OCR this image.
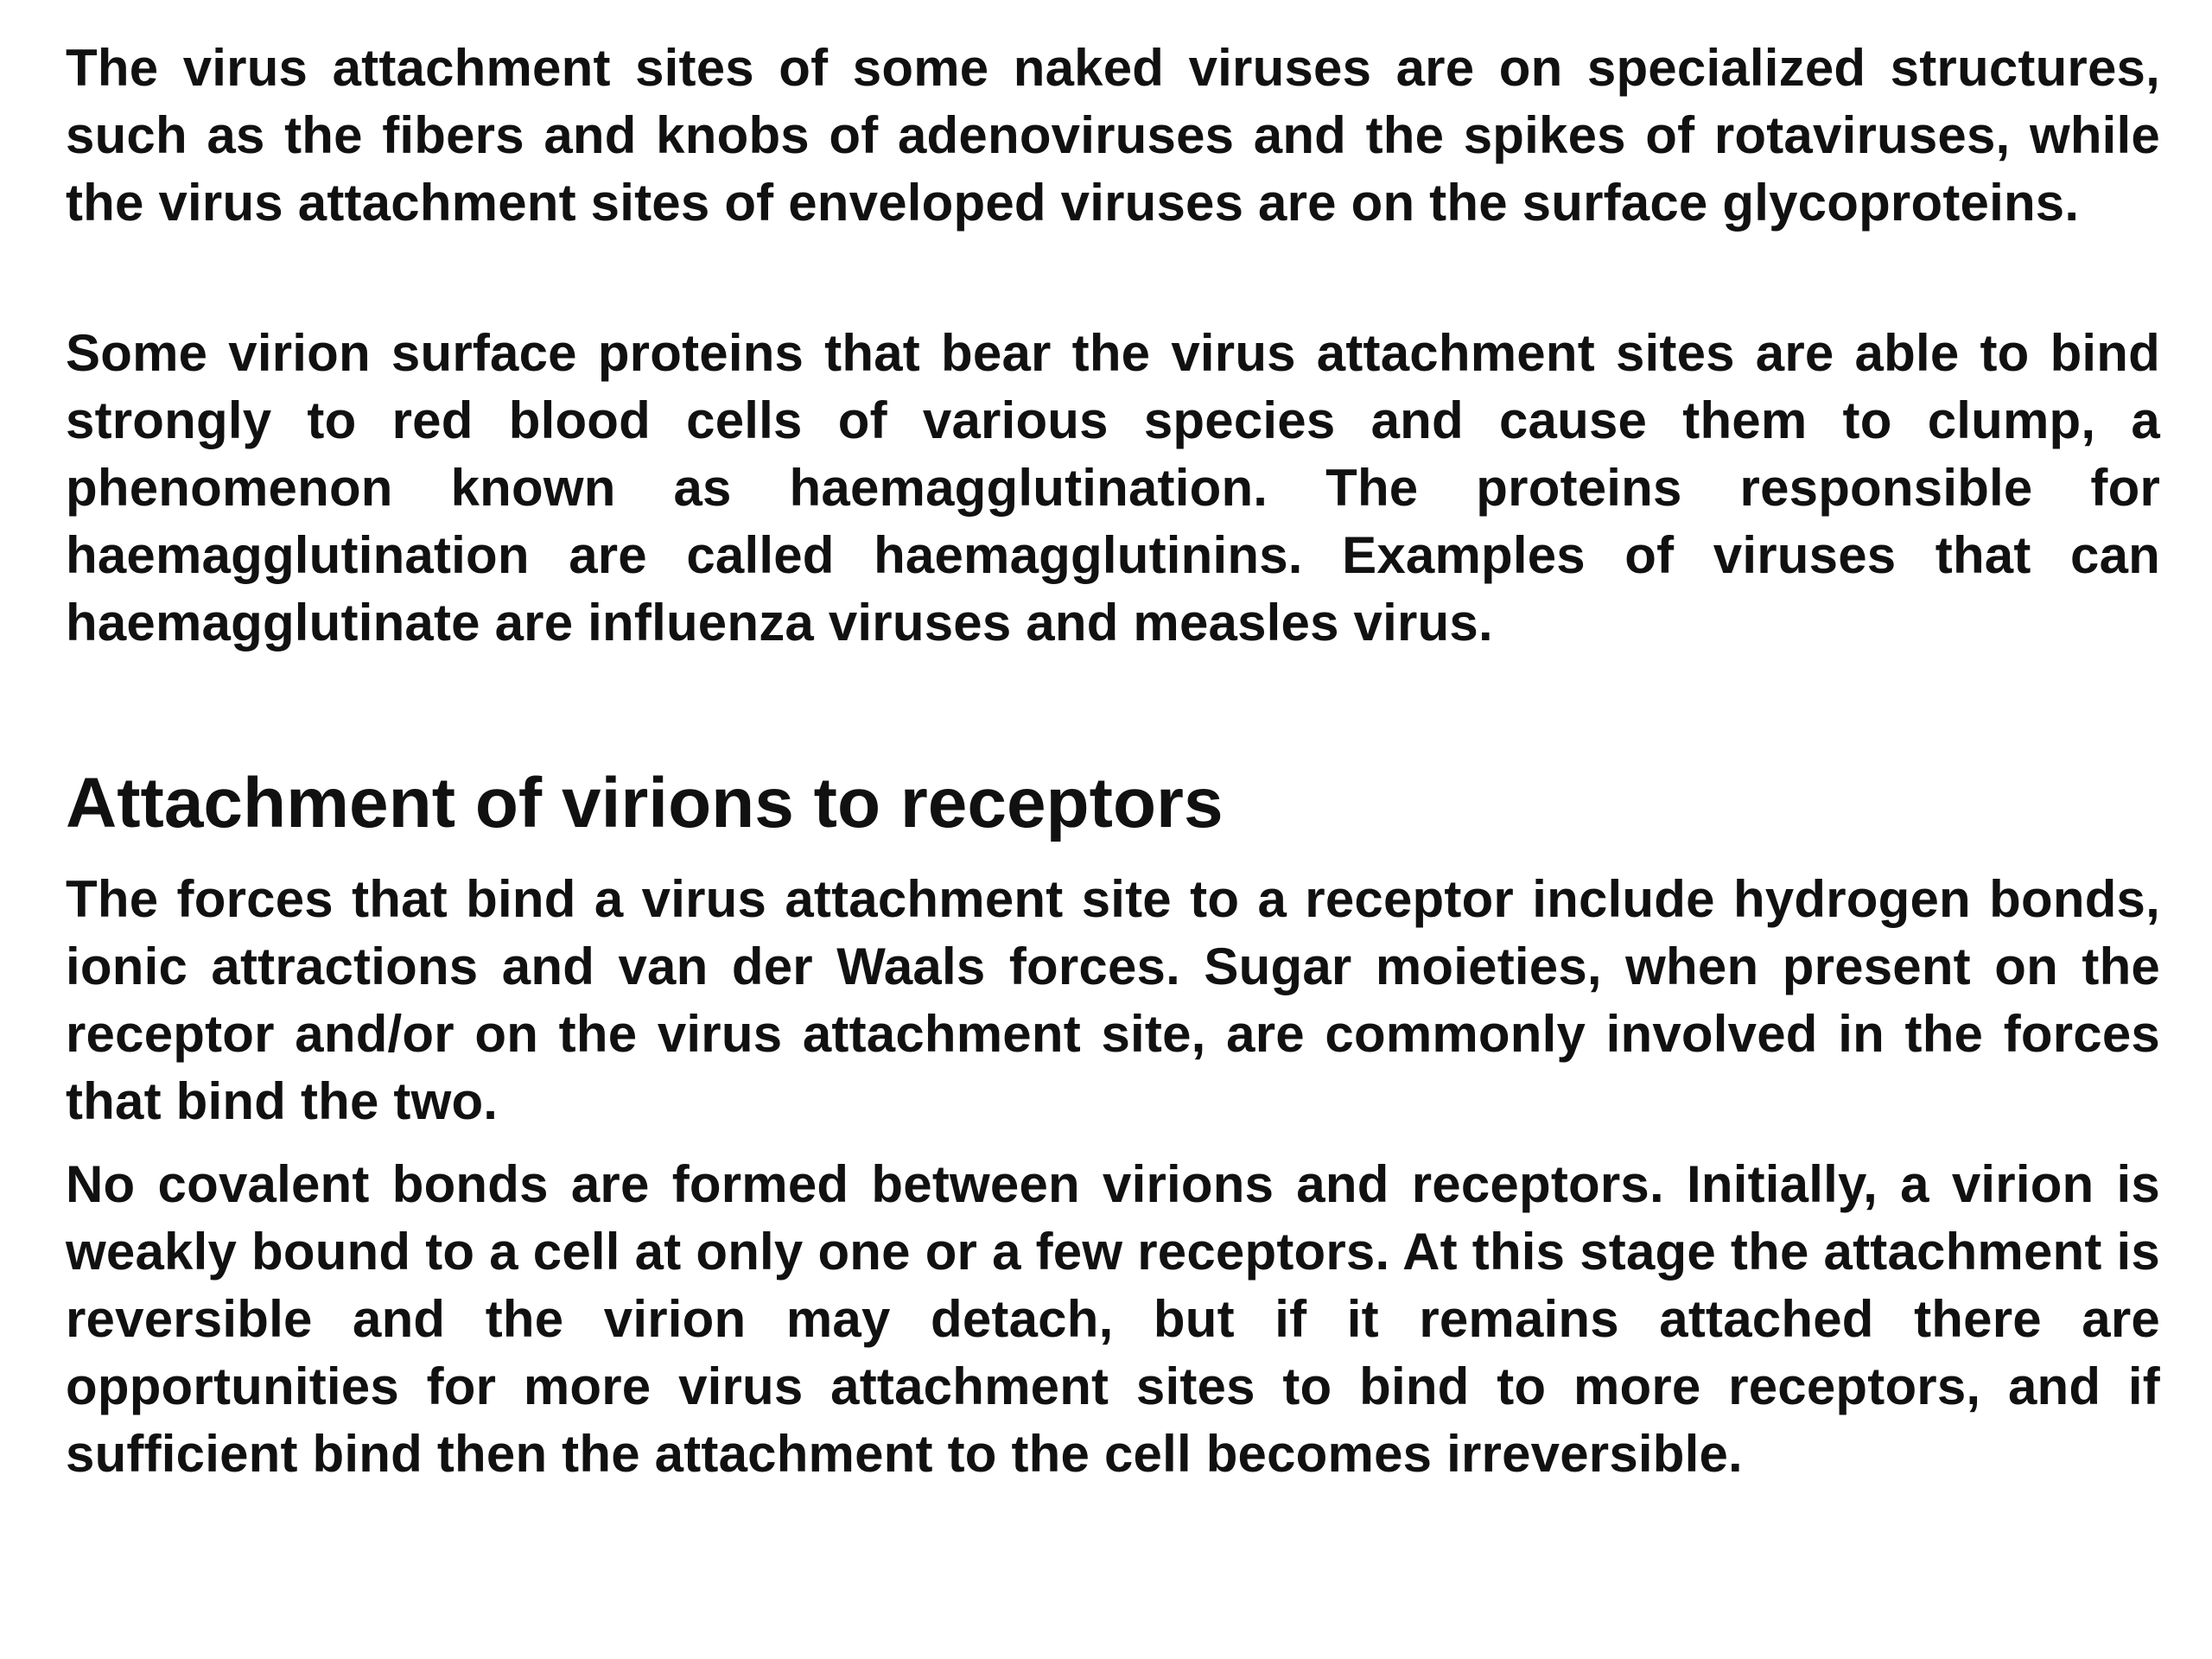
The virus attachment sites of some naked viruses are on specialized structures, such as the fibers and knobs of adenoviruses and the spikes of rotaviruses, while the virus attachment sites of enveloped viruses are on the surface glycoproteins.

Some virion surface proteins that bear the virus attachment sites are able to bind strongly to red blood cells of various species and cause them to clump, a phenomenon known as haemagglutination. The proteins responsible for haemagglutination are called haemagglutinins. Examples of viruses that can haemagglutinate are influenza viruses and measles virus.

Attachment of virions to receptors

The forces that bind a virus attachment site to a receptor include hydrogen bonds, ionic attractions and van der Waals forces. Sugar moieties, when present on the receptor and/or on the virus attachment site, are commonly involved in the forces that bind the two.

No covalent bonds are formed between virions and receptors. Initially, a virion is weakly bound to a cell at only one or a few receptors. At this stage the attachment is reversible and the virion may detach, but if it remains attached there are opportunities for more virus attachment sites to bind to more receptors, and if sufficient bind then the attachment to the cell becomes irreversible.
